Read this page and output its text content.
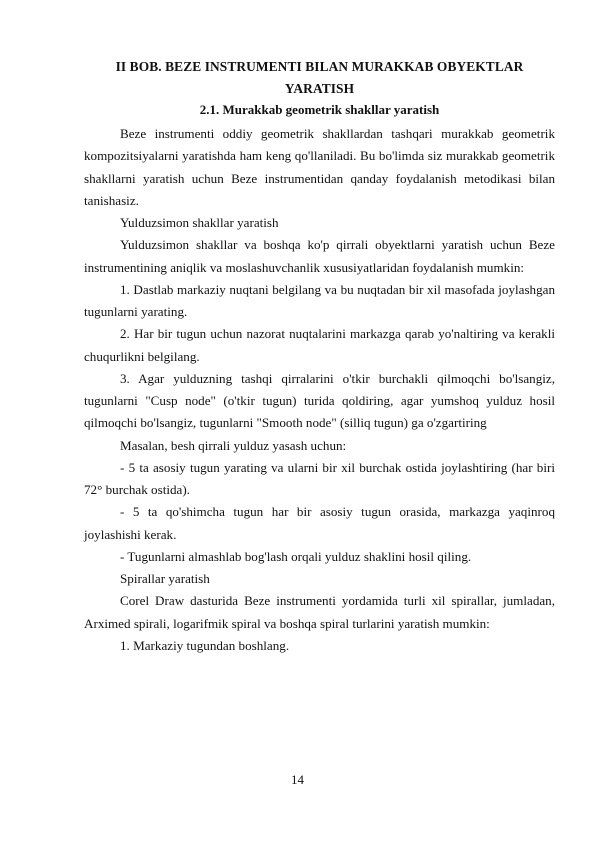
II BOB. BEZE INSTRUMENTI BILAN MURAKKAB OBYEKTLAR YARATISH
2.1. Murakkab geometrik shakllar yaratish

Beze instrumenti oddiy geometrik shakllardan tashqari murakkab geometrik kompozitsiyalarni yaratishda ham keng qo'llaniladi. Bu bo'limda siz murakkab geometrik shakllarni yaratish uchun Beze instrumentidan qanday foydalanish metodikasi bilan tanishasiz.

Yulduzsimon shakllar yaratish

Yulduzsimon shakllar va boshqa ko'p qirrali obyektlarni yaratish uchun Beze instrumentining aniqlik va moslashuvchanlik xususiyatlaridan foydalanish mumkin:

1. Dastlab markaziy nuqtani belgilang va bu nuqtadan bir xil masofada joylashgan tugunlarni yarating.

2. Har bir tugun uchun nazorat nuqtalarini markazga qarab yo'naltiring va kerakli chuqurlikni belgilang.

3. Agar yulduzning tashqi qirralarini o'tkir burchakli qilmoqchi bo'lsangiz, tugunlarni "Cusp node" (o'tkir tugun) turida qoldiring, agar yumshoq yulduz hosil qilmoqchi bo'lsangiz, tugunlarni "Smooth node" (silliq tugun) ga o'zgartiring

Masalan, besh qirrali yulduz yasash uchun:

- 5 ta asosiy tugun yarating va ularni bir xil burchak ostida joylashtiring (har biri 72° burchak ostida).

- 5 ta qo'shimcha tugun har bir asosiy tugun orasida, markazga yaqinroq joylashishi kerak.

- Tugunlarni almashlab bog'lash orqali yulduz shaklini hosil qiling.

Spirallar yaratish

Corel Draw dasturida Beze instrumenti yordamida turli xil spirallar, jumladan, Arximed spirali, logarifmik spiral va boshqa spiral turlarini yaratish mumkin:

1. Markaziy tugundan boshlang.

14
